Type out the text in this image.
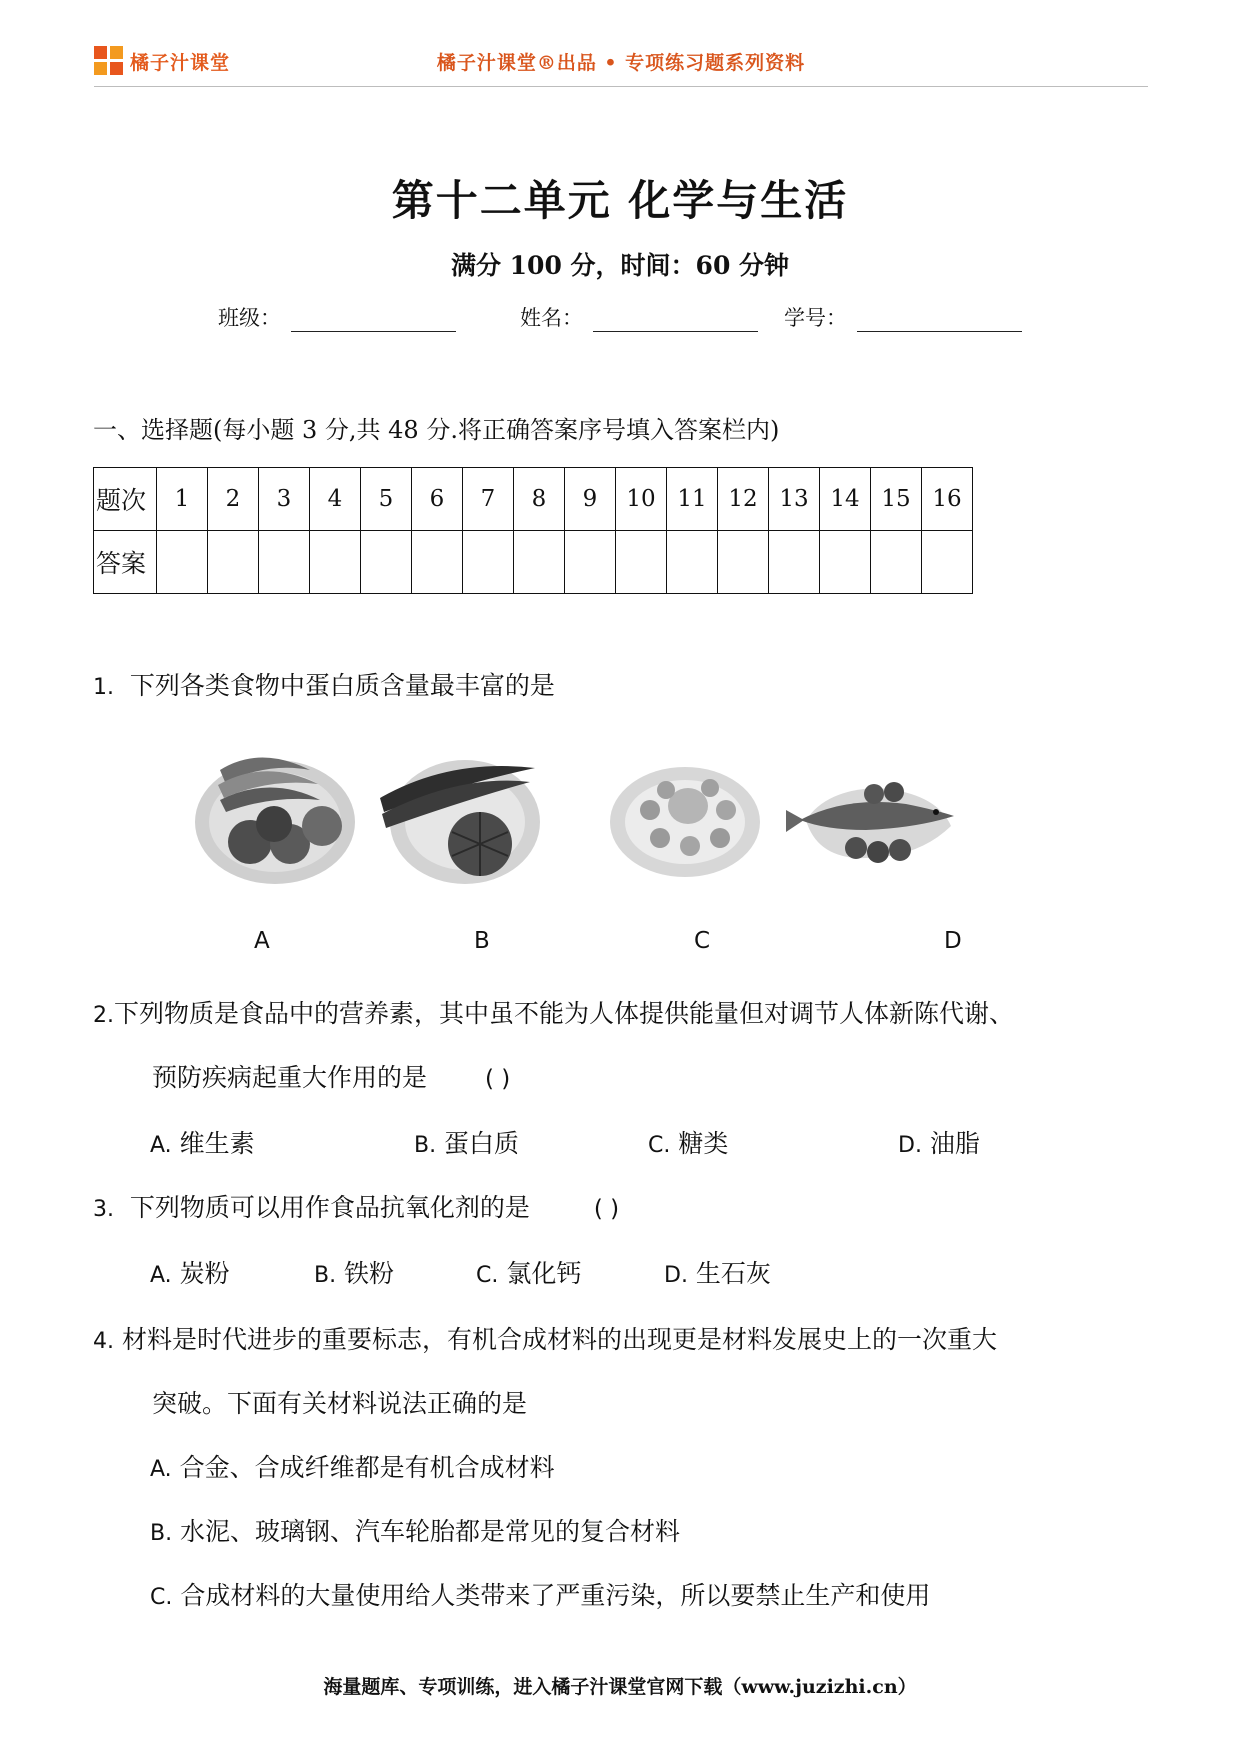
橘子汁课堂	橘子汁课堂®出品 • 专项练习题系列资料
第十二单元 化学与生活
满分 100 分，时间：60 分钟
班级：	姓名：	学号：
一、选择题(每小题 3 分,共 48 分.将正确答案序号填入答案栏内)
题次	1	2	3	4	5	6	7	8	9	10	11	12	13	14	15	16
答案																
1. 下列各类食物中蛋白质含量最丰富的是
A	B	C	D
2.下列物质是食品中的营养素，其中虽不能为人体提供能量但对调节人体新陈代谢、
预防疾病起重大作用的是	( )
A. 维生素	B. 蛋白质	C. 糖类	D. 油脂
3. 下列物质可以用作食品抗氧化剂的是	( )
A. 炭粉	B. 铁粉	C. 氯化钙	D. 生石灰
4. 材料是时代进步的重要标志，有机合成材料的出现更是材料发展史上的一次重大
突破。下面有关材料说法正确的是
A. 合金、合成纤维都是有机合成材料
B. 水泥、玻璃钢、汽车轮胎都是常见的复合材料
C. 合成材料的大量使用给人类带来了严重污染，所以要禁止生产和使用
海量题库、专项训练，进入橘子汁课堂官网下载（www.juzizhi.cn）
